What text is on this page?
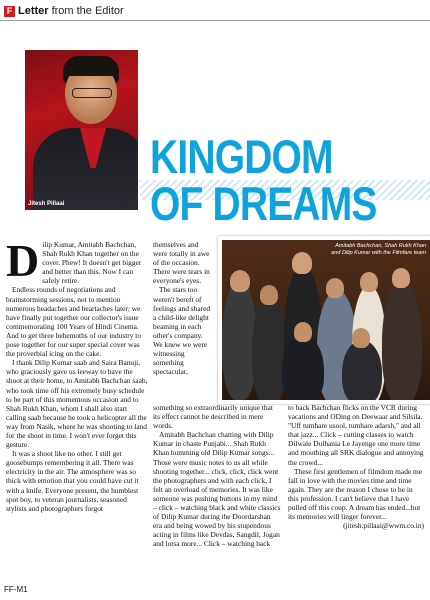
F Letter from the Editor
Jitesh Pillaai
KINGDOM
OF DREAMS
Amitabh Bachchan, Shah Rukh Khan
and Dilip Kumar with the Filmfare team

Dilip Kumar, Amitabh Bachchan, Shah Rukh Khan together on the cover. Phew! It doesn't get bigger and better than this. Now I can safely retire.

Endless rounds of negotiations and brainstorming sessions, not to mention numerous headaches and heartaches later; we have finally put together our collector's issue commemorating 100 Years of Hindi Cinema. And to get three behemoths of our industry to pose together for our super special cover was the proverbial icing on the cake.

I thank Dilip Kumar saab and Saira Banuji, who graciously gave us leeway to have the shoot at their home, to Amitabh Bachchan saab, who took time off his extremely busy schedule to be part of this momentous occasion and to Shah Rukh Khan, whom I shall also start calling saab because he took a helicopter all the way from Nasik, where he was shooting to land for the shoot in time. I won't ever forget this gesture.

It was a shoot like no other. I still get goosebumps remembering it all. There was electricity in the air. The atmosphere was so thick with emotion that you could have cut it with a knife. Everyone present, the humblest spot boy, to veteran journalists, seasoned stylists and photographers forgot

themselves and were totally in awe of the occasion. There were tears in everyone's eyes.

The stars too weren't bereft of feelings and shared a child-like delight beaming in each other's company. We knew we were witnessing something spectacular,

something so extraordinarily unique that its effect cannot be described in mere words.

Amitabh Bachchan chatting with Dilip Kumar in chaste Punjabi... Shah Rukh Khan humming old Dilip Kumar songs... Those were music notes to us all while shooting together... click, click, click went the photographers and with each click, I felt an overload of memories. It was like someone was pushing buttons in my mind – click – watching black and white classics of Dilip Kumar during the Doordarshan era and being wowed by his stupendous acting in films like Devdas, Sangdil, Jogan and lotsa more... Click – watching back

to back Bachchan flicks on the VCR during vacations and ODing on Deewaar and Silsila. "Uff tumhare usool, tumhare adarsh," and all that jazz... Click – cutting classes to watch Dilwale Dulhania Le Jayenge one more time and mouthing all SRK dialogue and annoying the crowd...

These first gentlemen of filmdom made me fall in love with the movies time and time again. They are the reason I chose to be in this profession. I can't believe that I have pulled off this coup. A dream has ended...but its memories will linger forever...

(jitesh.pillaai@wwm.co.in)

FF-M1
